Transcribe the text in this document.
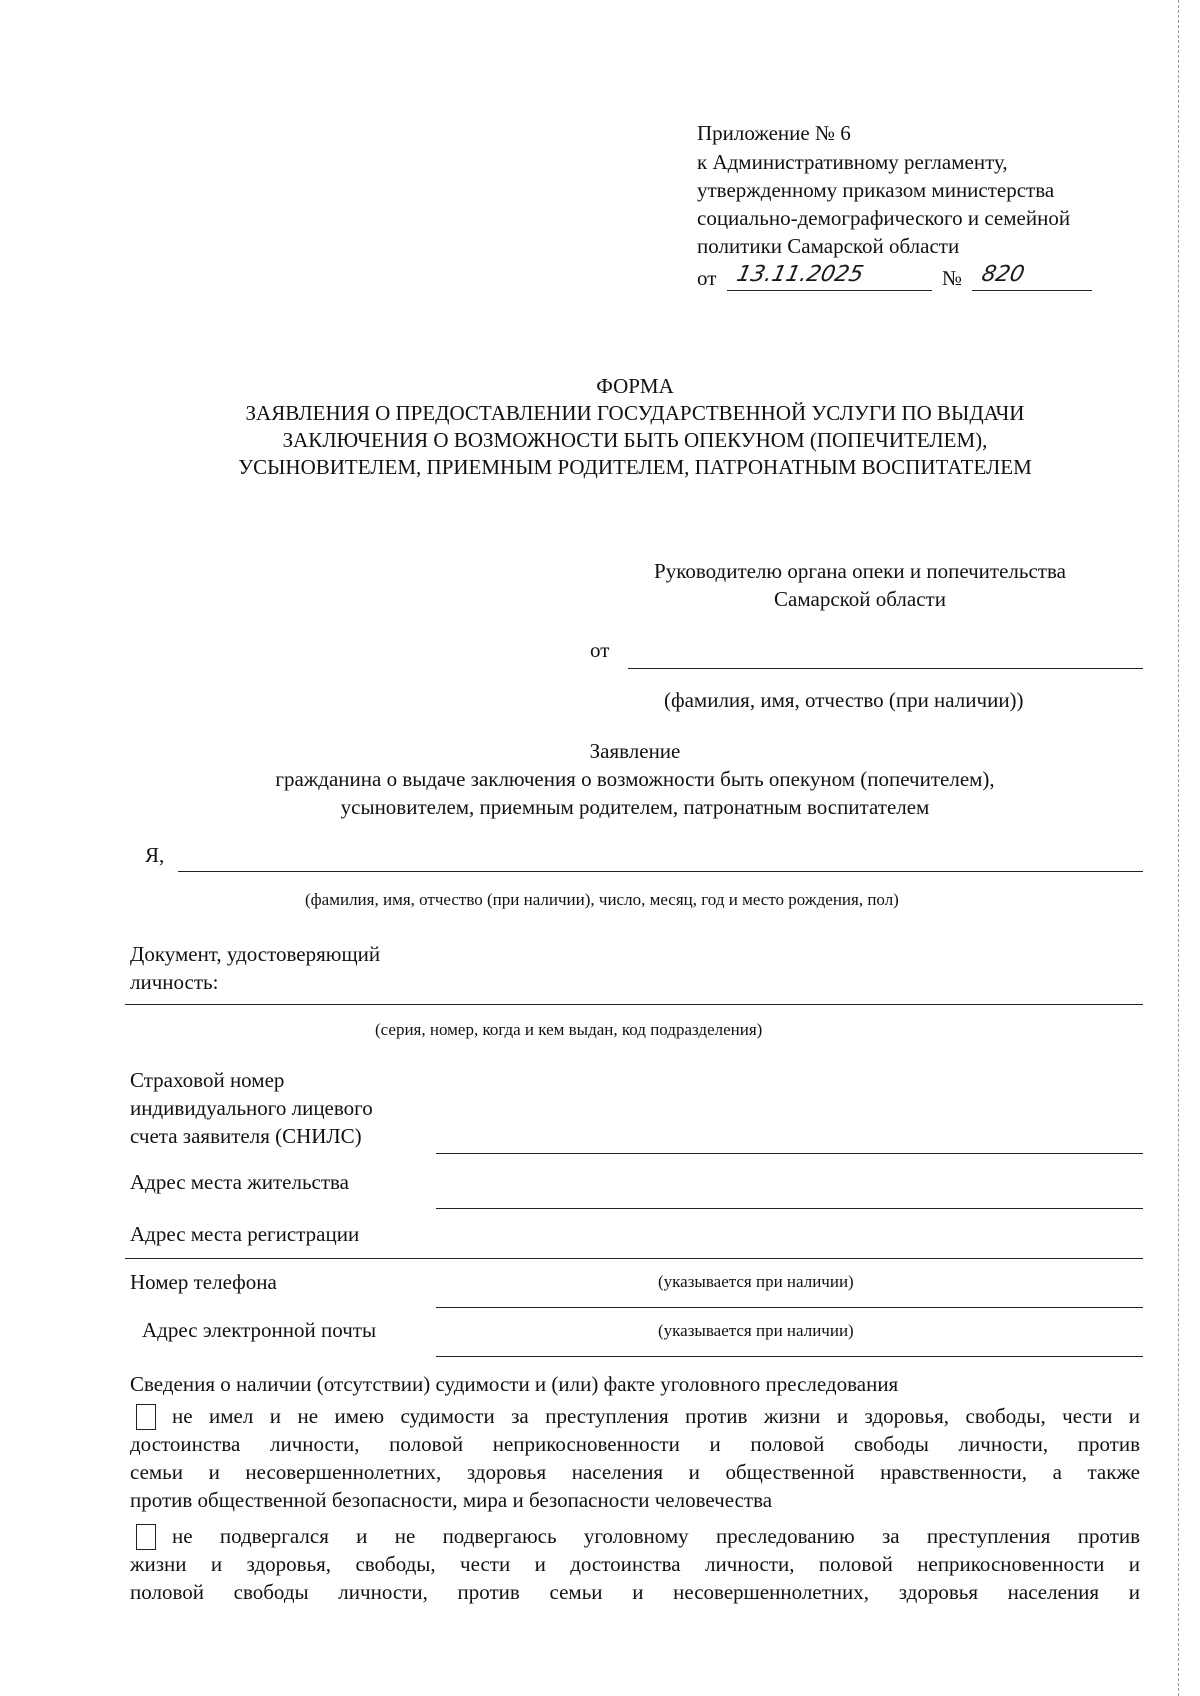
Приложение № 6
к Административному регламенту,
утвержденному приказом министерства
социально-демографического и семейной
политики Самарской области
от 13.11.2025	№ 820
ФОРМА
ЗАЯВЛЕНИЯ О ПРЕДОСТАВЛЕНИИ ГОСУДАРСТВЕННОЙ УСЛУГИ ПО ВЫДАЧИ
ЗАКЛЮЧЕНИЯ О ВОЗМОЖНОСТИ БЫТЬ ОПЕКУНОМ (ПОПЕЧИТЕЛЕМ),
УСЫНОВИТЕЛЕМ, ПРИЕМНЫМ РОДИТЕЛЕМ, ПАТРОНАТНЫМ ВОСПИТАТЕЛЕМ
Руководителю органа опеки и попечительства
Самарской области
от
(фамилия, имя, отчество (при наличии))
Заявление
гражданина о выдаче заключения о возможности быть опекуном (попечителем),
усыновителем, приемным родителем, патронатным воспитателем
Я,
(фамилия, имя, отчество (при наличии), число, месяц, год и место рождения, пол)
Документ, удостоверяющий
личность:
(серия, номер, когда и кем выдан, код подразделения)
Страховой номер
индивидуального лицевого
счета заявителя (СНИЛС)
Адрес места жительства
Адрес места регистрации
Номер телефона	(указывается при наличии)
Адрес электронной почты	(указывается при наличии)
Сведения о наличии (отсутствии) судимости и (или) факте уголовного преследования
не имел и не имею судимости за преступления против жизни и здоровья, свободы, чести и
достоинства личности, половой неприкосновенности и половой свободы личности, против
семьи и несовершеннолетних, здоровья населения и общественной нравственности, а также
против общественной безопасности, мира и безопасности человечества
не подвергался и не подвергаюсь уголовному преследованию за преступления против
жизни и здоровья, свободы, чести и достоинства личности, половой неприкосновенности и
половой свободы личности, против семьи и несовершеннолетних, здоровья населения и
